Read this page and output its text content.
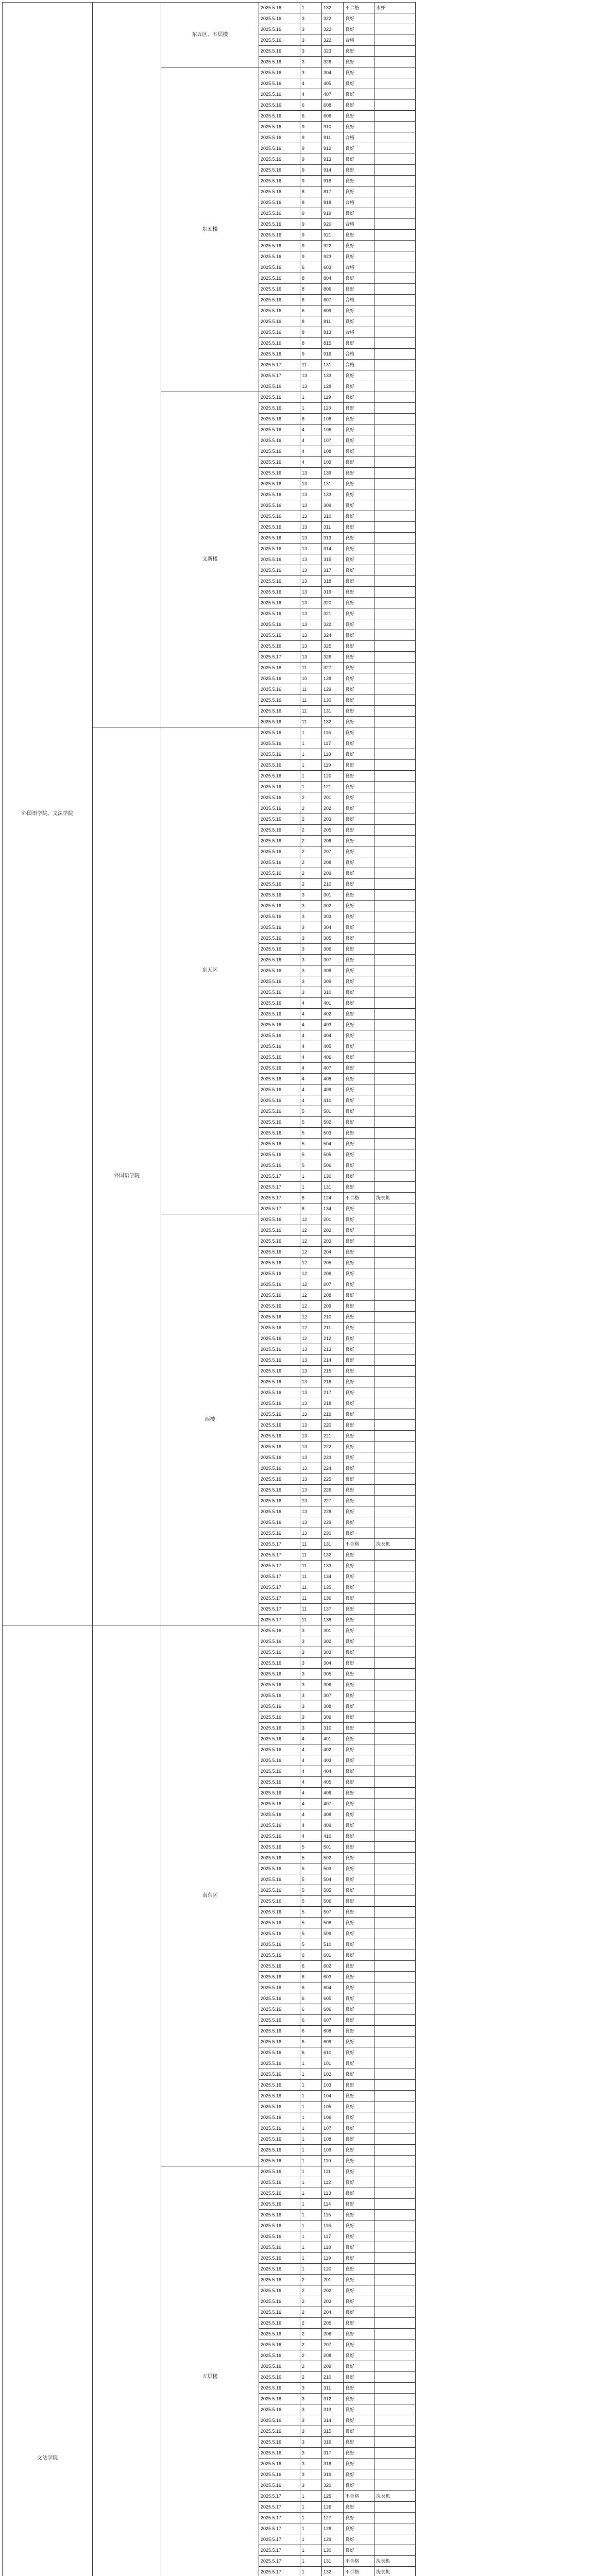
外国语学院、文法学院		东五区、五层楼	2025.5.16	1	132	不合格	水杯
			2025.5.16	3	322	良好	
			2025.5.16	3	322	良好	
			2025.5.16	3	322	合格	
			2025.5.16	3	323	良好	
			2025.5.16	3	326	良好	
		东五楼	2025.5.16	3	304	良好	
			2025.5.16	4	405	良好	
			2025.5.16	4	407	良好	
			2025.5.16	6	608	良好	
			2025.5.16	6	606	良好	
			2025.5.16	9	910	良好	
			2025.5.16	9	911	合格	
			2025.5.16	9	912	良好	
			2025.5.16	9	913	良好	
			2025.5.16	9	914	良好	
			2025.5.16	9	916	良好	
			2025.5.16	8	817	良好	
			2025.5.16	8	818	合格	
			2025.5.16	9	919	良好	
			2025.5.16	9	920	合格	
			2025.5.16	9	921	良好	
			2025.5.16	9	922	良好	
			2025.5.16	9	923	良好	
			2025.5.16	6	603	合格	
			2025.5.16	8	804	良好	
			2025.5.16	8	806	良好	
			2025.5.16	6	607	合格	
			2025.5.16	6	609	良好	
			2025.5.16	8	811	良好	
			2025.5.16	8	813	合格	
			2025.5.16	8	815	良好	
			2025.5.16	9	916	合格	
			2025.5.17	11	131	合格	
			2025.5.17	13	133	良好	
			2025.5.16	13	128	良好	
		文新楼	2025.5.16	1	119	良好	
			2025.5.16	1	113	良好	
			2025.5.16	8	108	良好	
			2025.5.16	4	106	良好	
			2025.5.16	4	107	良好	
			2025.5.16	4	108	良好	
			2025.5.16	4	109	良好	
			2025.5.16	13	139	良好	
			2025.5.16	13	131	良好	
			2025.5.16	13	133	良好	
			2025.5.16	13	309	良好	
			2025.5.16	13	310	良好	
			2025.5.16	13	311	良好	
			2025.5.16	13	313	良好	
			2025.5.16	13	314	良好	
			2025.5.16	13	315	良好	
			2025.5.16	13	317	良好	
			2025.5.16	13	318	良好	
			2025.5.16	13	319	良好	
			2025.5.16	13	320	良好	
			2025.5.16	13	321	良好	
			2025.5.16	13	322	良好	
			2025.5.16	13	324	良好	
			2025.5.16	13	325	良好	
			2025.5.17	13	326	良好	
			2025.5.16	11	327	良好	
			2025.5.16	10	128	良好	
			2025.5.16	11	129	良好	
			2025.5.16	11	130	良好	
			2025.5.16	11	131	良好	
			2025.5.16	11	132	良好	
	外国语学院	东五区	2025.5.16	1	116	良好	
			2025.5.16	1	117	良好	
			2025.5.16	1	118	良好	
			2025.5.16	1	119	良好	
			2025.5.16	1	120	良好	
			2025.5.16	1	121	良好	
			2025.5.16	2	201	良好	
			2025.5.16	2	202	良好	
			2025.5.16	2	203	良好	
			2025.5.16	2	205	良好	
			2025.5.16	2	206	良好	
			2025.5.16	2	207	良好	
			2025.5.16	2	208	良好	
			2025.5.16	2	209	良好	
			2025.5.16	2	210	良好	
			2025.5.16	3	301	良好	
			2025.5.16	3	302	良好	
			2025.5.16	3	303	良好	
			2025.5.16	3	304	良好	
			2025.5.16	3	305	良好	
			2025.5.16	3	306	良好	
			2025.5.16	3	307	良好	
			2025.5.16	3	308	良好	
			2025.5.16	3	309	良好	
			2025.5.16	3	310	良好	
			2025.5.16	4	401	良好	
			2025.5.16	4	402	良好	
			2025.5.16	4	403	良好	
			2025.5.16	4	404	良好	
			2025.5.16	4	405	良好	
			2025.5.16	4	406	良好	
			2025.5.16	4	407	良好	
			2025.5.16	4	408	良好	
			2025.5.16	4	409	良好	
			2025.5.16	4	410	良好	
			2025.5.16	5	501	良好	
			2025.5.16	5	502	良好	
			2025.5.16	5	503	良好	
			2025.5.16	5	504	良好	
			2025.5.16	5	505	良好	
			2025.5.16	5	506	良好	
			2025.5.17	1	130	良好	
			2025.5.17	1	131	良好	
			2025.5.17	6	124	不合格	洗衣机
			2025.5.17	8	134	良好	
		西楼	2025.5.16	12	201	良好	
			2025.5.16	12	202	良好	
			2025.5.16	12	203	良好	
			2025.5.16	12	204	良好	
			2025.5.16	12	205	良好	
			2025.5.16	12	206	良好	
			2025.5.16	12	207	良好	
			2025.5.16	12	208	良好	
			2025.5.16	12	209	良好	
			2025.5.16	12	210	良好	
			2025.5.16	12	211	良好	
			2025.5.16	12	212	良好	
			2025.5.16	13	213	良好	
			2025.5.16	13	214	良好	
			2025.5.16	13	215	良好	
			2025.5.16	13	216	良好	
			2025.5.16	13	217	良好	
			2025.5.16	13	218	良好	
			2025.5.16	13	219	良好	
			2025.5.16	13	220	良好	
			2025.5.16	13	221	良好	
			2025.5.16	13	222	良好	
			2025.5.16	13	223	良好	
			2025.5.16	13	224	良好	
			2025.5.16	13	225	良好	
			2025.5.16	13	226	良好	
			2025.5.16	13	227	良好	
			2025.5.16	13	228	良好	
			2025.5.16	13	229	良好	
			2025.5.16	13	230	良好	
			2025.5.17	11	131	不合格	洗衣机
			2025.5.17	11	132	良好	
			2025.5.17	11	133	良好	
			2025.5.17	11	134	良好	
			2025.5.17	11	135	良好	
			2025.5.17	11	136	良好	
			2025.5.17	11	137	良好	
			2025.5.17	11	138	良好	
文法学院		南东区	2025.5.16	3	301	良好	
			2025.5.16	3	302	良好	
			2025.5.16	3	303	良好	
			2025.5.16	3	304	良好	
			2025.5.16	3	305	良好	
			2025.5.16	3	306	良好	
			2025.5.16	3	307	良好	
			2025.5.16	3	308	良好	
			2025.5.16	3	309	良好	
			2025.5.16	3	310	良好	
			2025.5.16	4	401	良好	
			2025.5.16	4	402	良好	
			2025.5.16	4	403	良好	
			2025.5.16	4	404	良好	
			2025.5.16	4	405	良好	
			2025.5.16	4	406	良好	
			2025.5.16	4	407	良好	
			2025.5.16	4	408	良好	
			2025.5.16	4	409	良好	
			2025.5.16	4	410	良好	
			2025.5.16	5	501	良好	
			2025.5.16	5	502	良好	
			2025.5.16	5	503	良好	
			2025.5.16	5	504	良好	
			2025.5.16	5	505	良好	
			2025.5.16	5	506	良好	
			2025.5.16	5	507	良好	
			2025.5.16	5	508	良好	
			2025.5.16	5	509	良好	
			2025.5.16	5	510	良好	
			2025.5.16	6	601	良好	
			2025.5.16	6	602	良好	
			2025.5.16	6	603	良好	
			2025.5.16	6	604	良好	
			2025.5.16	6	605	良好	
			2025.5.16	6	606	良好	
			2025.5.16	6	607	良好	
			2025.5.16	6	608	良好	
			2025.5.16	6	609	良好	
			2025.5.16	6	610	良好	
			2025.5.16	1	101	良好	
			2025.5.16	1	102	良好	
			2025.5.16	1	103	良好	
			2025.5.16	1	104	良好	
			2025.5.16	1	105	良好	
			2025.5.16	1	106	良好	
			2025.5.16	1	107	良好	
			2025.5.16	1	108	良好	
			2025.5.16	1	109	良好	
			2025.5.16	1	110	良好	
		五层楼	2025.5.16	1	111	良好	
			2025.5.16	1	112	良好	
			2025.5.16	1	113	良好	
			2025.5.16	1	114	良好	
			2025.5.16	1	115	良好	
			2025.5.16	1	116	良好	
			2025.5.16	1	117	良好	
			2025.5.16	1	118	良好	
			2025.5.16	1	119	良好	
			2025.5.16	1	120	良好	
			2025.5.16	2	201	良好	
			2025.5.16	2	202	良好	
			2025.5.16	2	203	良好	
			2025.5.16	2	204	良好	
			2025.5.16	2	205	良好	
			2025.5.16	2	206	良好	
			2025.5.16	2	207	良好	
			2025.5.16	2	208	良好	
			2025.5.16	2	209	良好	
			2025.5.16	2	210	良好	
			2025.5.16	3	311	良好	
			2025.5.16	3	312	良好	
			2025.5.16	3	313	良好	
			2025.5.16	3	314	良好	
			2025.5.16	3	315	良好	
			2025.5.16	3	316	良好	
			2025.5.16	3	317	良好	
			2025.5.16	3	318	良好	
			2025.5.16	3	319	良好	
			2025.5.16	3	320	良好	
			2025.5.17	1	125	不合格	洗衣机
			2025.5.17	1	126	良好	
			2025.5.17	1	127	良好	
			2025.5.17	1	128	良好	
			2025.5.17	1	129	良好	
			2025.5.17	1	130	良好	
			2025.5.17	1	131	不合格	洗衣机
			2025.5.17	1	132	不合格	洗衣机
